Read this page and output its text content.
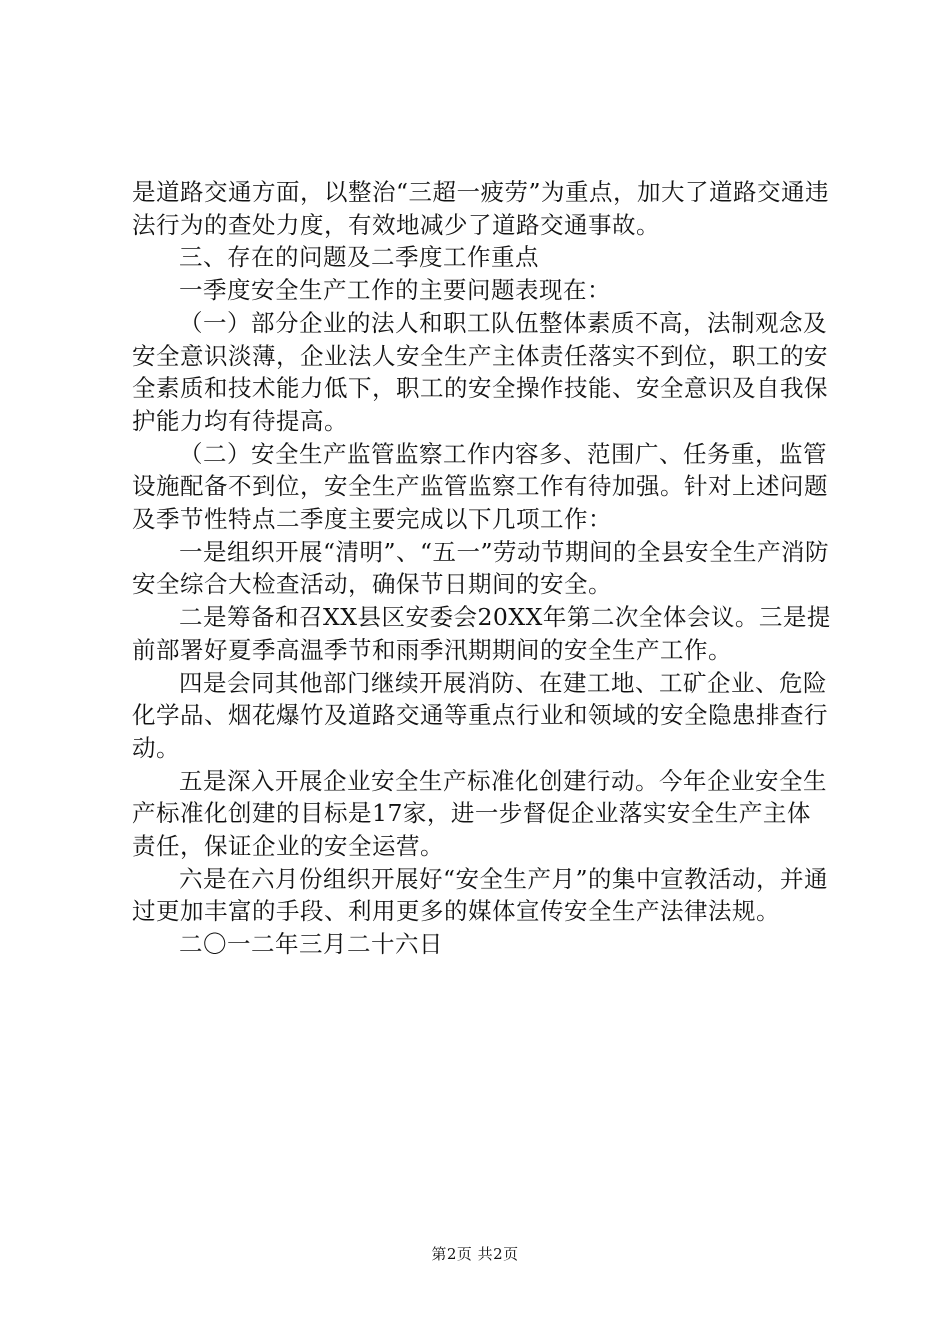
是道路交通方面，以整治“三超一疲劳”为重点，加大了道路交通违法行为的查处力度，有效地减少了道路交通事故。

三、存在的问题及二季度工作重点

一季度安全生产工作的主要问题表现在：

（一）部分企业的法人和职工队伍整体素质不高，法制观念及安全意识淡薄，企业法人安全生产主体责任落实不到位，职工的安全素质和技术能力低下，职工的安全操作技能、安全意识及自我保护能力均有待提高。

（二）安全生产监管监察工作内容多、范围广、任务重，监管设施配备不到位，安全生产监管监察工作有待加强。针对上述问题及季节性特点二季度主要完成以下几项工作：

一是组织开展“清明”、“五一”劳动节期间的全县安全生产消防安全综合大检查活动，确保节日期间的安全。

二是筹备和召XX县区安委会20XX年第二次全体会议。三是提前部署好夏季高温季节和雨季汛期期间的安全生产工作。

四是会同其他部门继续开展消防、在建工地、工矿企业、危险化学品、烟花爆竹及道路交通等重点行业和领域的安全隐患排查行动。

五是深入开展企业安全生产标准化创建行动。今年企业安全生产标准化创建的目标是17家，进一步督促企业落实安全生产主体责任，保证企业的安全运营。

六是在六月份组织开展好“安全生产月”的集中宣教活动，并通过更加丰富的手段、利用更多的媒体宣传安全生产法律法规。

二〇一二年三月二十六日

第2页 共2页
